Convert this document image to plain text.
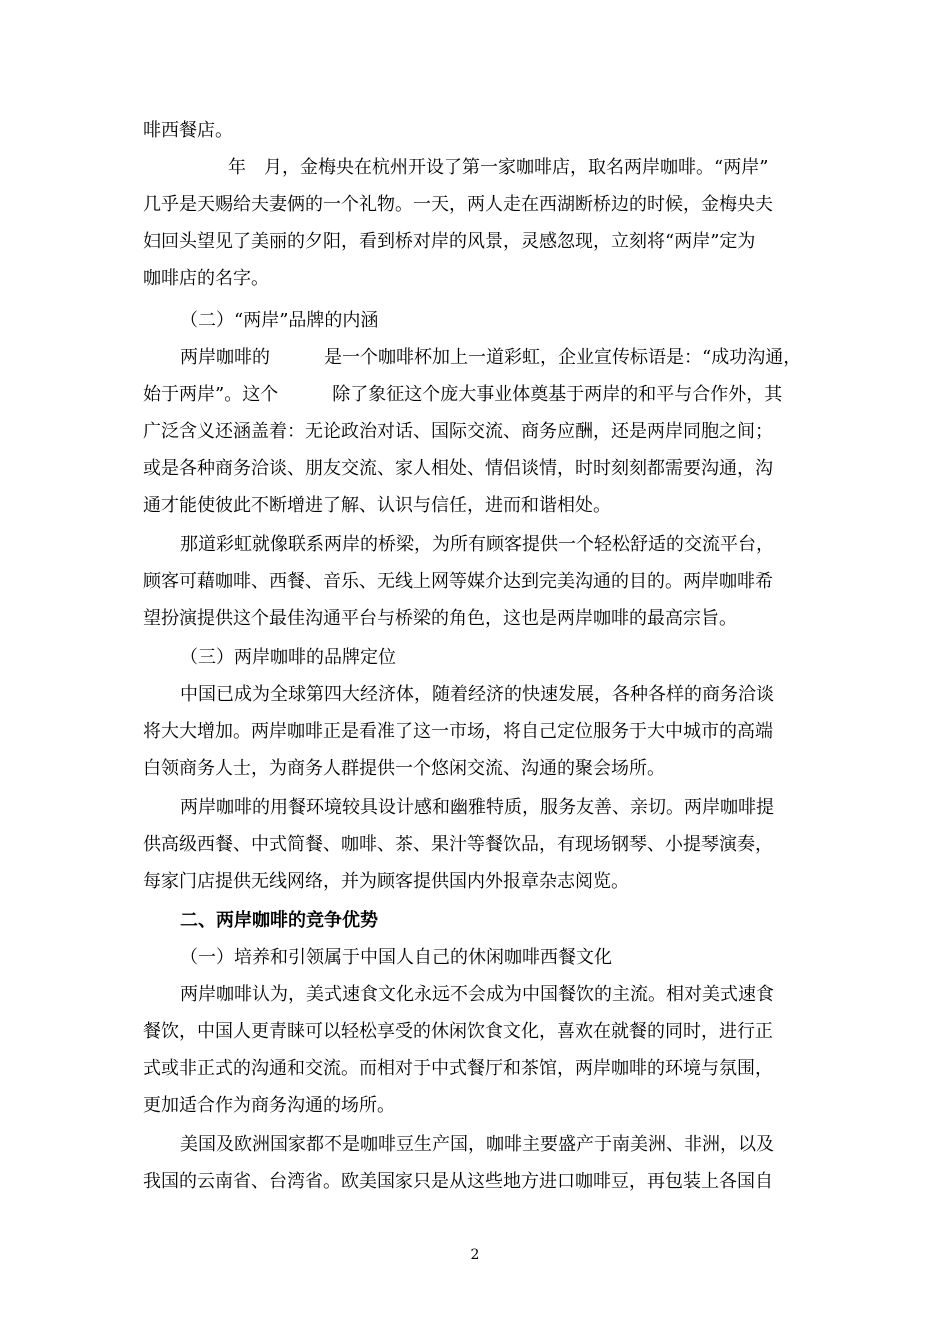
啡西餐店。
年　月，金梅央在杭州开设了第一家咖啡店，取名两岸咖啡。“两岸”
几乎是天赐给夫妻俩的一个礼物。一天，两人走在西湖断桥边的时候，金梅央夫
妇回头望见了美丽的夕阳，看到桥对岸的风景，灵感忽现，立刻将“两岸”定为
咖啡店的名字。
（二）“两岸”品牌的内涵
两岸咖啡的　　　是一个咖啡杯加上一道彩虹，企业宣传标语是：“成功沟通，
始于两岸”。这个　　　除了象征这个庞大事业体奠基于两岸的和平与合作外，其
广泛含义还涵盖着：无论政治对话、国际交流、商务应酬，还是两岸同胞之间；
或是各种商务洽谈、朋友交流、家人相处、情侣谈情，时时刻刻都需要沟通，沟
通才能使彼此不断增进了解、认识与信任，进而和谐相处。
那道彩虹就像联系两岸的桥梁，为所有顾客提供一个轻松舒适的交流平台，
顾客可藉咖啡、西餐、音乐、无线上网等媒介达到完美沟通的目的。两岸咖啡希
望扮演提供这个最佳沟通平台与桥梁的角色，这也是两岸咖啡的最高宗旨。
（三）两岸咖啡的品牌定位
中国已成为全球第四大经济体，随着经济的快速发展，各种各样的商务洽谈
将大大增加。两岸咖啡正是看准了这一市场，将自己定位服务于大中城市的高端
白领商务人士，为商务人群提供一个悠闲交流、沟通的聚会场所。
两岸咖啡的用餐环境较具设计感和幽雅特质，服务友善、亲切。两岸咖啡提
供高级西餐、中式简餐、咖啡、茶、果汁等餐饮品，有现场钢琴、小提琴演奏，
每家门店提供无线网络，并为顾客提供国内外报章杂志阅览。
二、两岸咖啡的竞争优势
（一）培养和引领属于中国人自己的休闲咖啡西餐文化
两岸咖啡认为，美式速食文化永远不会成为中国餐饮的主流。相对美式速食
餐饮，中国人更青睐可以轻松享受的休闲饮食文化，喜欢在就餐的同时，进行正
式或非正式的沟通和交流。而相对于中式餐厅和茶馆，两岸咖啡的环境与氛围，
更加适合作为商务沟通的场所。
美国及欧洲国家都不是咖啡豆生产国，咖啡主要盛产于南美洲、非洲，以及
我国的云南省、台湾省。欧美国家只是从这些地方进口咖啡豆，再包装上各国自
2
